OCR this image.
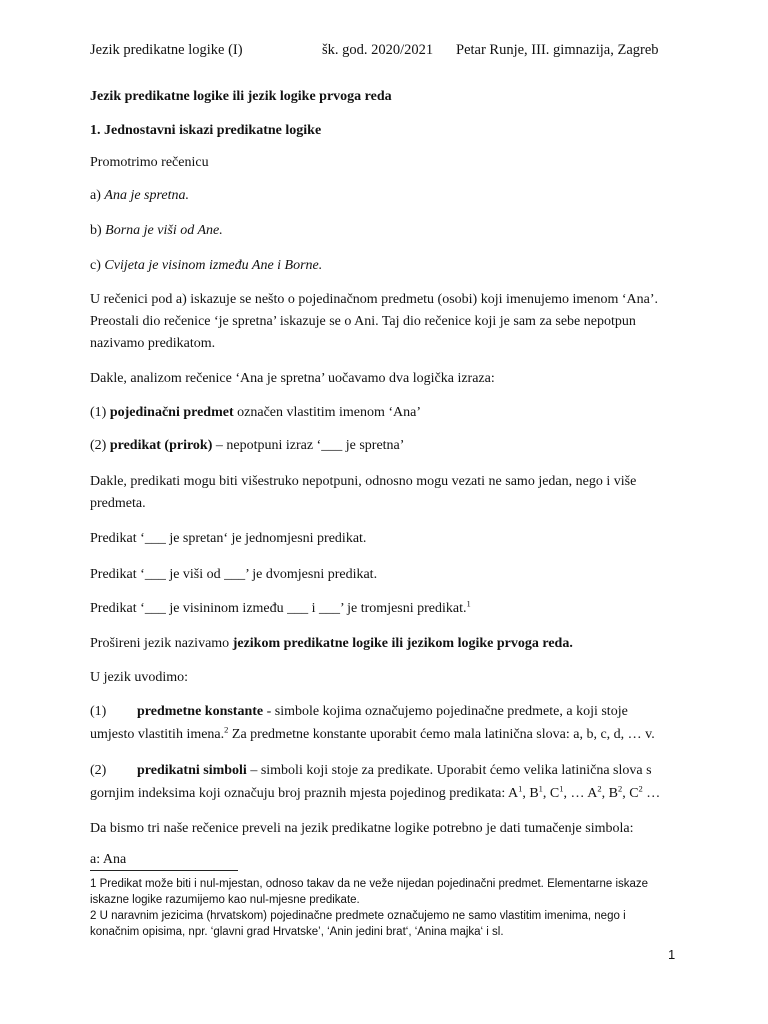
Jezik predikatne logike (I)	šk. god. 2020/2021 Petar Runje, III. gimnazija, Zagreb
Jezik predikatne logike ili jezik logike prvoga reda
1. Jednostavni iskazi predikatne logike
Promotrimo rečenicu
a) Ana je spretna.
b) Borna je viši od Ane.
c) Cvijeta je visinom između Ane i Borne.
U rečenici pod a) iskazuje se nešto o pojedinačnom predmetu (osobi) koji imenujemo imenom ‘Ana’.
Preostali dio rečenice ‘je spretna’ iskazuje se o Ani. Taj dio rečenice koji je sam za sebe nepotpun
nazivamo predikatom.
Dakle, analizom rečenice ‘Ana je spretna’ uočavamo dva logička izraza:
(1) pojedinačni predmet označen vlastitim imenom ‘Ana’
(2) predikat (prirok) – nepotpuni izraz ‘___ je spretna’
Dakle, predikati mogu biti višestruko nepotpuni, odnosno mogu vezati ne samo jedan, nego i više
predmeta.
Predikat ‘___ je spretan‘ je jednomjesni predikat.
Predikat ‘___ je viši od ___’ je dvomjesni predikat.
Predikat ‘___ je visininom između ___ i ___’ je tromjesni predikat.$^1$
Prošireni jezik nazivamo jezikom predikatne logike ili jezikom logike prvoga reda.
U jezik uvodimo:
(1) predmetne konstante - simbole kojima označujemo pojedinačne predmete, a koji stoje
umjesto vlastitih imena.$^2$ Za predmetne konstante uporabit ćemo mala latinična slova: a, b, c, d, … v.
(2) predikatni simboli – simboli koji stoje za predikate. Uporabit ćemo velika latinična slova s
gornjim indeksima koji označuju broj praznih mjesta pojedinog predikata: $A^1$, $B^1$, $C^1$, … $A^2$, $B^2$, $C^2$ …
Da bismo tri naše rečenice preveli na jezik predikatne logike potrebno je dati tumačenje simbola:
a: Ana
1 Predikat može biti i nul-mjestan, odnoso takav da ne veže nijedan pojedinačni predmet. Elementarne iskaze
iskazne logike razumijemo kao nul-mjesne predikate.
2 U naravnim jezicima (hrvatskom) pojedinačne predmete označujemo ne samo vlastitim imenima, nego i
konačnim opisima, npr. ‘glavni grad Hrvatske’, ‘Anin jedini brat‘, ‘Anina majka‘ i sl.
1
